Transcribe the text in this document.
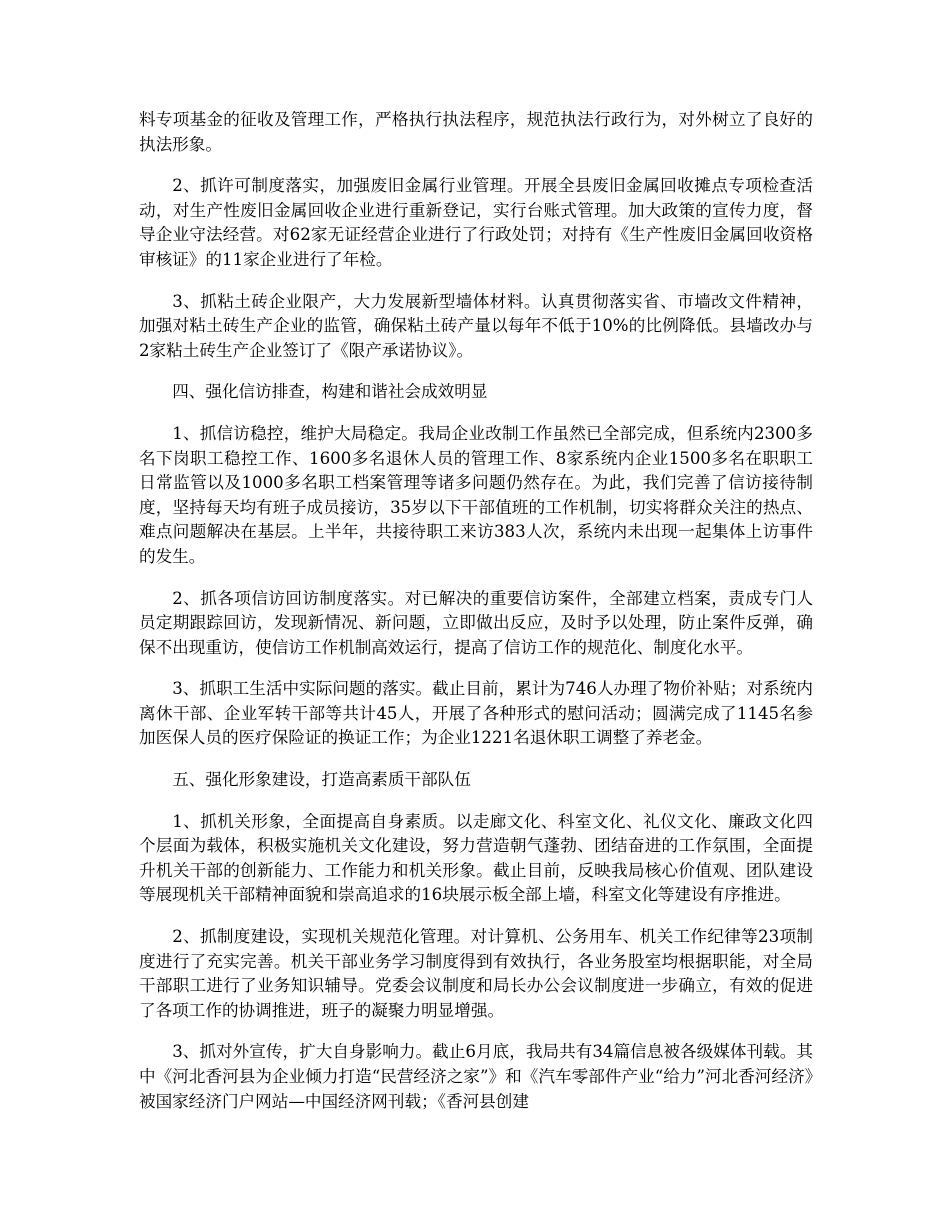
料专项基金的征收及管理工作，严格执行执法程序，规范执法行政行为，对外树立了良好的执法形象。

2、抓许可制度落实，加强废旧金属行业管理。开展全县废旧金属回收摊点专项检查活动，对生产性废旧金属回收企业进行重新登记，实行台账式管理。加大政策的宣传力度，督导企业守法经营。对62家无证经营企业进行了行政处罚；对持有《生产性废旧金属回收资格审核证》的11家企业进行了年检。

3、抓粘土砖企业限产，大力发展新型墙体材料。认真贯彻落实省、市墙改文件精神，加强对粘土砖生产企业的监管，确保粘土砖产量以每年不低于10%的比例降低。县墙改办与2家粘土砖生产企业签订了《限产承诺协议》。

四、强化信访排查，构建和谐社会成效明显

1、抓信访稳控，维护大局稳定。我局企业改制工作虽然已全部完成，但系统内2300多名下岗职工稳控工作、1600多名退休人员的管理工作、8家系统内企业1500多名在职职工日常监管以及1000多名职工档案管理等诸多问题仍然存在。为此，我们完善了信访接待制度，坚持每天均有班子成员接访，35岁以下干部值班的工作机制，切实将群众关注的热点、难点问题解决在基层。上半年，共接待职工来访383人次，系统内未出现一起集体上访事件的发生。

2、抓各项信访回访制度落实。对已解决的重要信访案件，全部建立档案，责成专门人员定期跟踪回访，发现新情况、新问题，立即做出反应，及时予以处理，防止案件反弹，确保不出现重访，使信访工作机制高效运行，提高了信访工作的规范化、制度化水平。

3、抓职工生活中实际问题的落实。截止目前，累计为746人办理了物价补贴；对系统内离休干部、企业军转干部等共计45人，开展了各种形式的慰问活动；圆满完成了1145名参加医保人员的医疗保险证的换证工作；为企业1221名退休职工调整了养老金。

五、强化形象建设，打造高素质干部队伍

1、抓机关形象，全面提高自身素质。以走廊文化、科室文化、礼仪文化、廉政文化四个层面为载体，积极实施机关文化建设，努力营造朝气蓬勃、团结奋进的工作氛围，全面提升机关干部的创新能力、工作能力和机关形象。截止目前，反映我局核心价值观、团队建设等展现机关干部精神面貌和崇高追求的16块展示板全部上墙，科室文化等建设有序推进。

2、抓制度建设，实现机关规范化管理。对计算机、公务用车、机关工作纪律等23项制度进行了充实完善。机关干部业务学习制度得到有效执行，各业务股室均根据职能，对全局干部职工进行了业务知识辅导。党委会议制度和局长办公会议制度进一步确立，有效的促进了各项工作的协调推进，班子的凝聚力明显增强。

3、抓对外宣传，扩大自身影响力。截止6月底，我局共有34篇信息被各级媒体刊载。其中《河北香河县为企业倾力打造“民营经济之家”》和《汽车零部件产业“给力”河北香河经济》被国家经济门户网站—中国经济网刊载；《香河县创建
